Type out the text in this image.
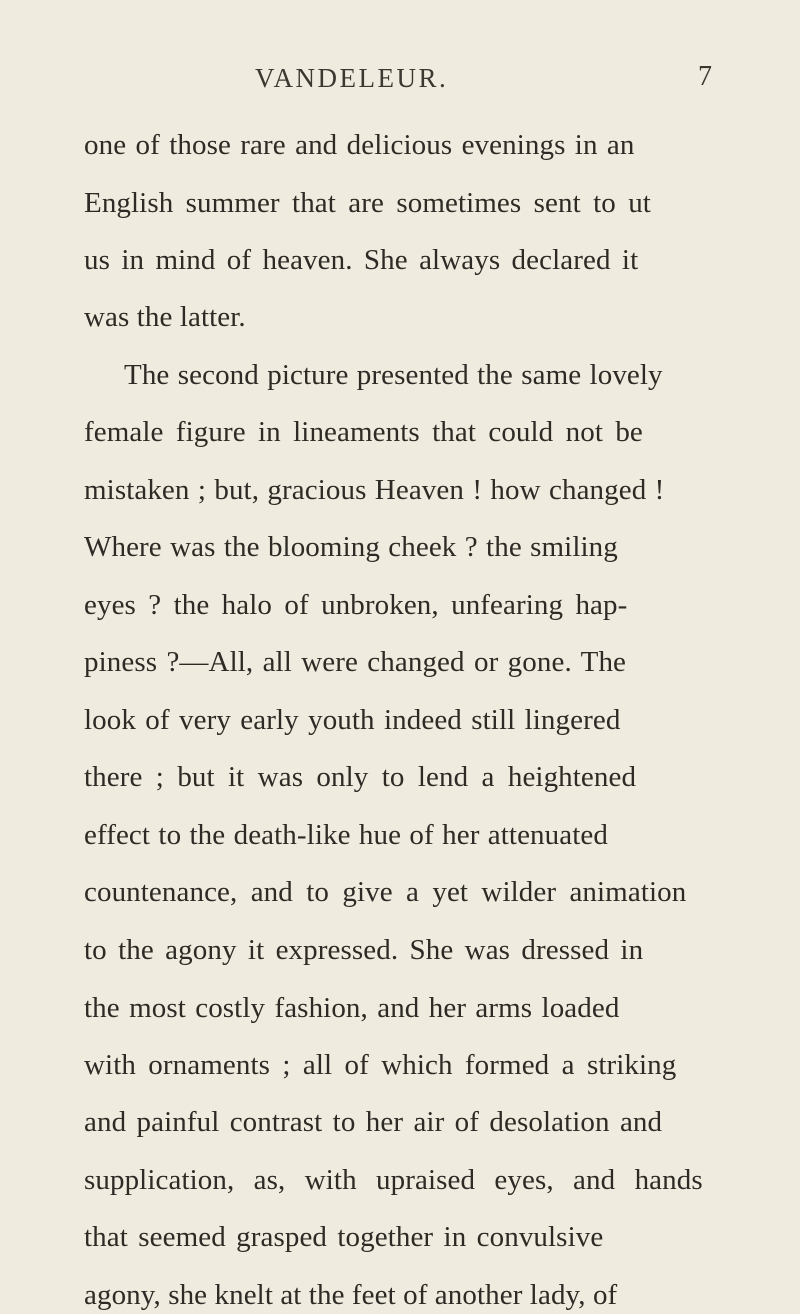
VANDELEUR.	7
one of those rare and delicious evenings in an
English summer that are sometimes sent to ut
us in mind of heaven. She always declared it
was the latter.
The second picture presented the same lovely
female figure in lineaments that could not be
mistaken ; but, gracious Heaven ! how changed !
Where was the blooming cheek ? the smiling
eyes ? the halo of unbroken, unfearing hap-
piness ?—All, all were changed or gone. The
look of very early youth indeed still lingered
there ; but it was only to lend a heightened
effect to the death-like hue of her attenuated
countenance, and to give a yet wilder animation
to the agony it expressed. She was dressed in
the most costly fashion, and her arms loaded
with ornaments ; all of which formed a striking
and painful contrast to her air of desolation and
supplication, as, with upraised eyes, and hands
that seemed grasped together in convulsive
agony, she knelt at the feet of another lady, of
